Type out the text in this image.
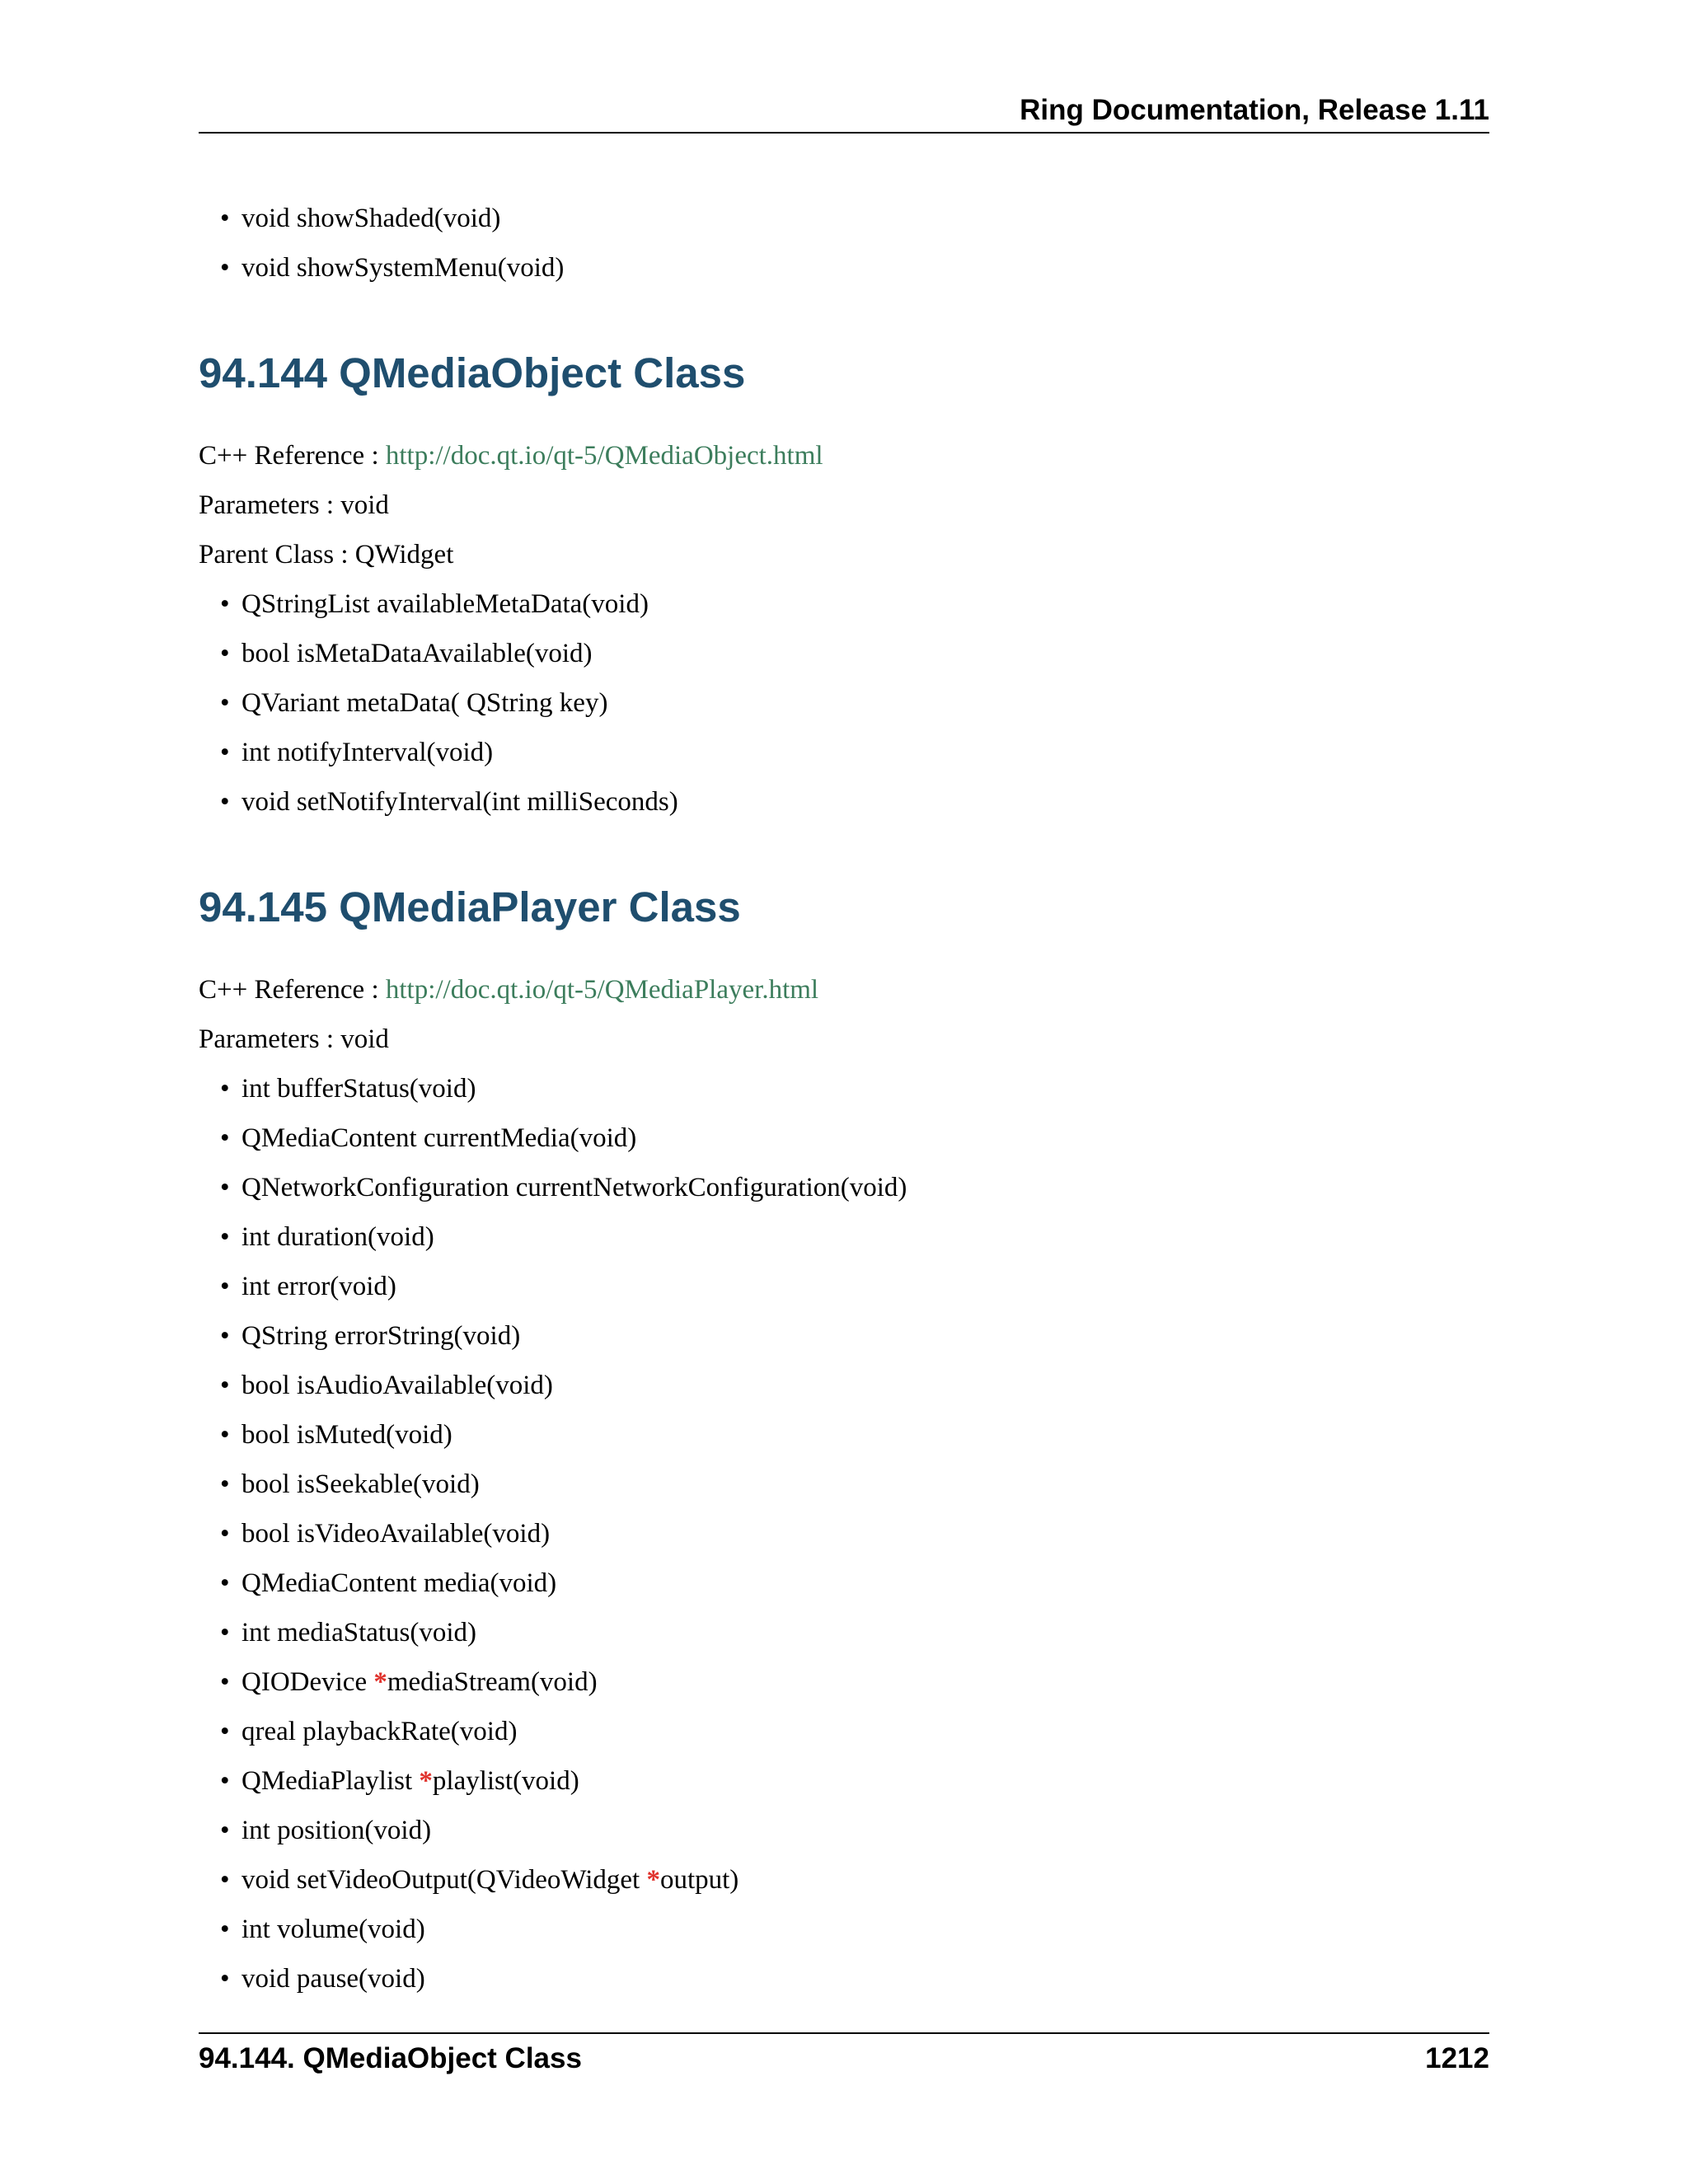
Ring Documentation, Release 1.11
• void showShaded(void)
• void showSystemMenu(void)
94.144 QMediaObject Class
C++ Reference : http://doc.qt.io/qt-5/QMediaObject.html
Parameters : void
Parent Class : QWidget
• QStringList availableMetaData(void)
• bool isMetaDataAvailable(void)
• QVariant metaData( QString key)
• int notifyInterval(void)
• void setNotifyInterval(int milliSeconds)
94.145 QMediaPlayer Class
C++ Reference : http://doc.qt.io/qt-5/QMediaPlayer.html
Parameters : void
• int bufferStatus(void)
• QMediaContent currentMedia(void)
• QNetworkConfiguration currentNetworkConfiguration(void)
• int duration(void)
• int error(void)
• QString errorString(void)
• bool isAudioAvailable(void)
• bool isMuted(void)
• bool isSeekable(void)
• bool isVideoAvailable(void)
• QMediaContent media(void)
• int mediaStatus(void)
• QIODevice *mediaStream(void)
• qreal playbackRate(void)
• QMediaPlaylist *playlist(void)
• int position(void)
• void setVideoOutput(QVideoWidget *output)
• int volume(void)
• void pause(void)
94.144. QMediaObject Class	1212
